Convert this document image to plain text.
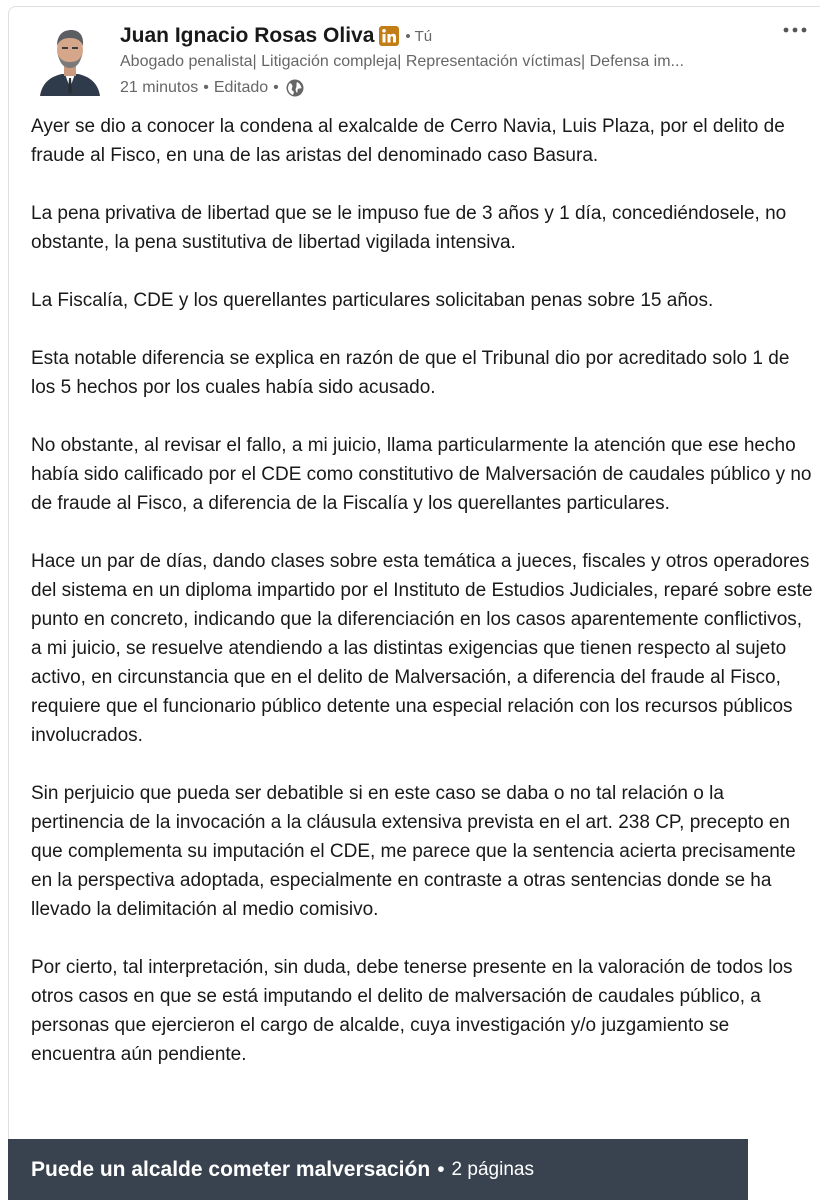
Juan Ignacio Rosas Oliva • Tú
Abogado penalista| Litigación compleja| Representación víctimas| Defensa im...
21 minutos • Editado •

Ayer se dio a conocer la condena al exalcalde de Cerro Navia, Luis Plaza, por el delito de fraude al Fisco, en una de las aristas del denominado caso Basura.

La pena privativa de libertad que se le impuso fue de 3 años y 1 día, concediéndosele, no obstante, la pena sustitutiva de libertad vigilada intensiva.

La Fiscalía, CDE y los querellantes particulares solicitaban penas sobre 15 años.

Esta notable diferencia se explica en razón de que el Tribunal dio por acreditado solo 1 de los 5 hechos por los cuales había sido acusado.

No obstante, al revisar el fallo, a mi juicio, llama particularmente la atención que ese hecho había sido calificado por el CDE como constitutivo de Malversación de caudales público y no de fraude al Fisco, a diferencia de la Fiscalía y los querellantes particulares.

Hace un par de días, dando clases sobre esta temática a jueces, fiscales y otros operadores del sistema en un diploma impartido por el Instituto de Estudios Judiciales, reparé sobre este punto en concreto, indicando que la diferenciación en los casos aparentemente conflictivos, a mi juicio, se resuelve atendiendo a las distintas exigencias que tienen respecto al sujeto activo, en circunstancia que en el delito de Malversación, a diferencia del fraude al Fisco, requiere que el funcionario público detente una especial relación con los recursos públicos involucrados.

Sin perjuicio que pueda ser debatible si en este caso se daba o no tal relación o la pertinencia de la invocación a la cláusula extensiva prevista en el art. 238 CP, precepto en que complementa su imputación el CDE, me parece que la sentencia acierta precisamente en la perspectiva adoptada, especialmente en contraste a otras sentencias donde se ha llevado la delimitación al medio comisivo.

Por cierto, tal interpretación, sin duda, debe tenerse presente en la valoración de todos los otros casos en que se está imputando el delito de malversación de caudales público, a personas que ejercieron el cargo de alcalde, cuya investigación y/o juzgamiento se encuentra aún pendiente.

Puede un alcalde cometer malversación • 2 páginas
